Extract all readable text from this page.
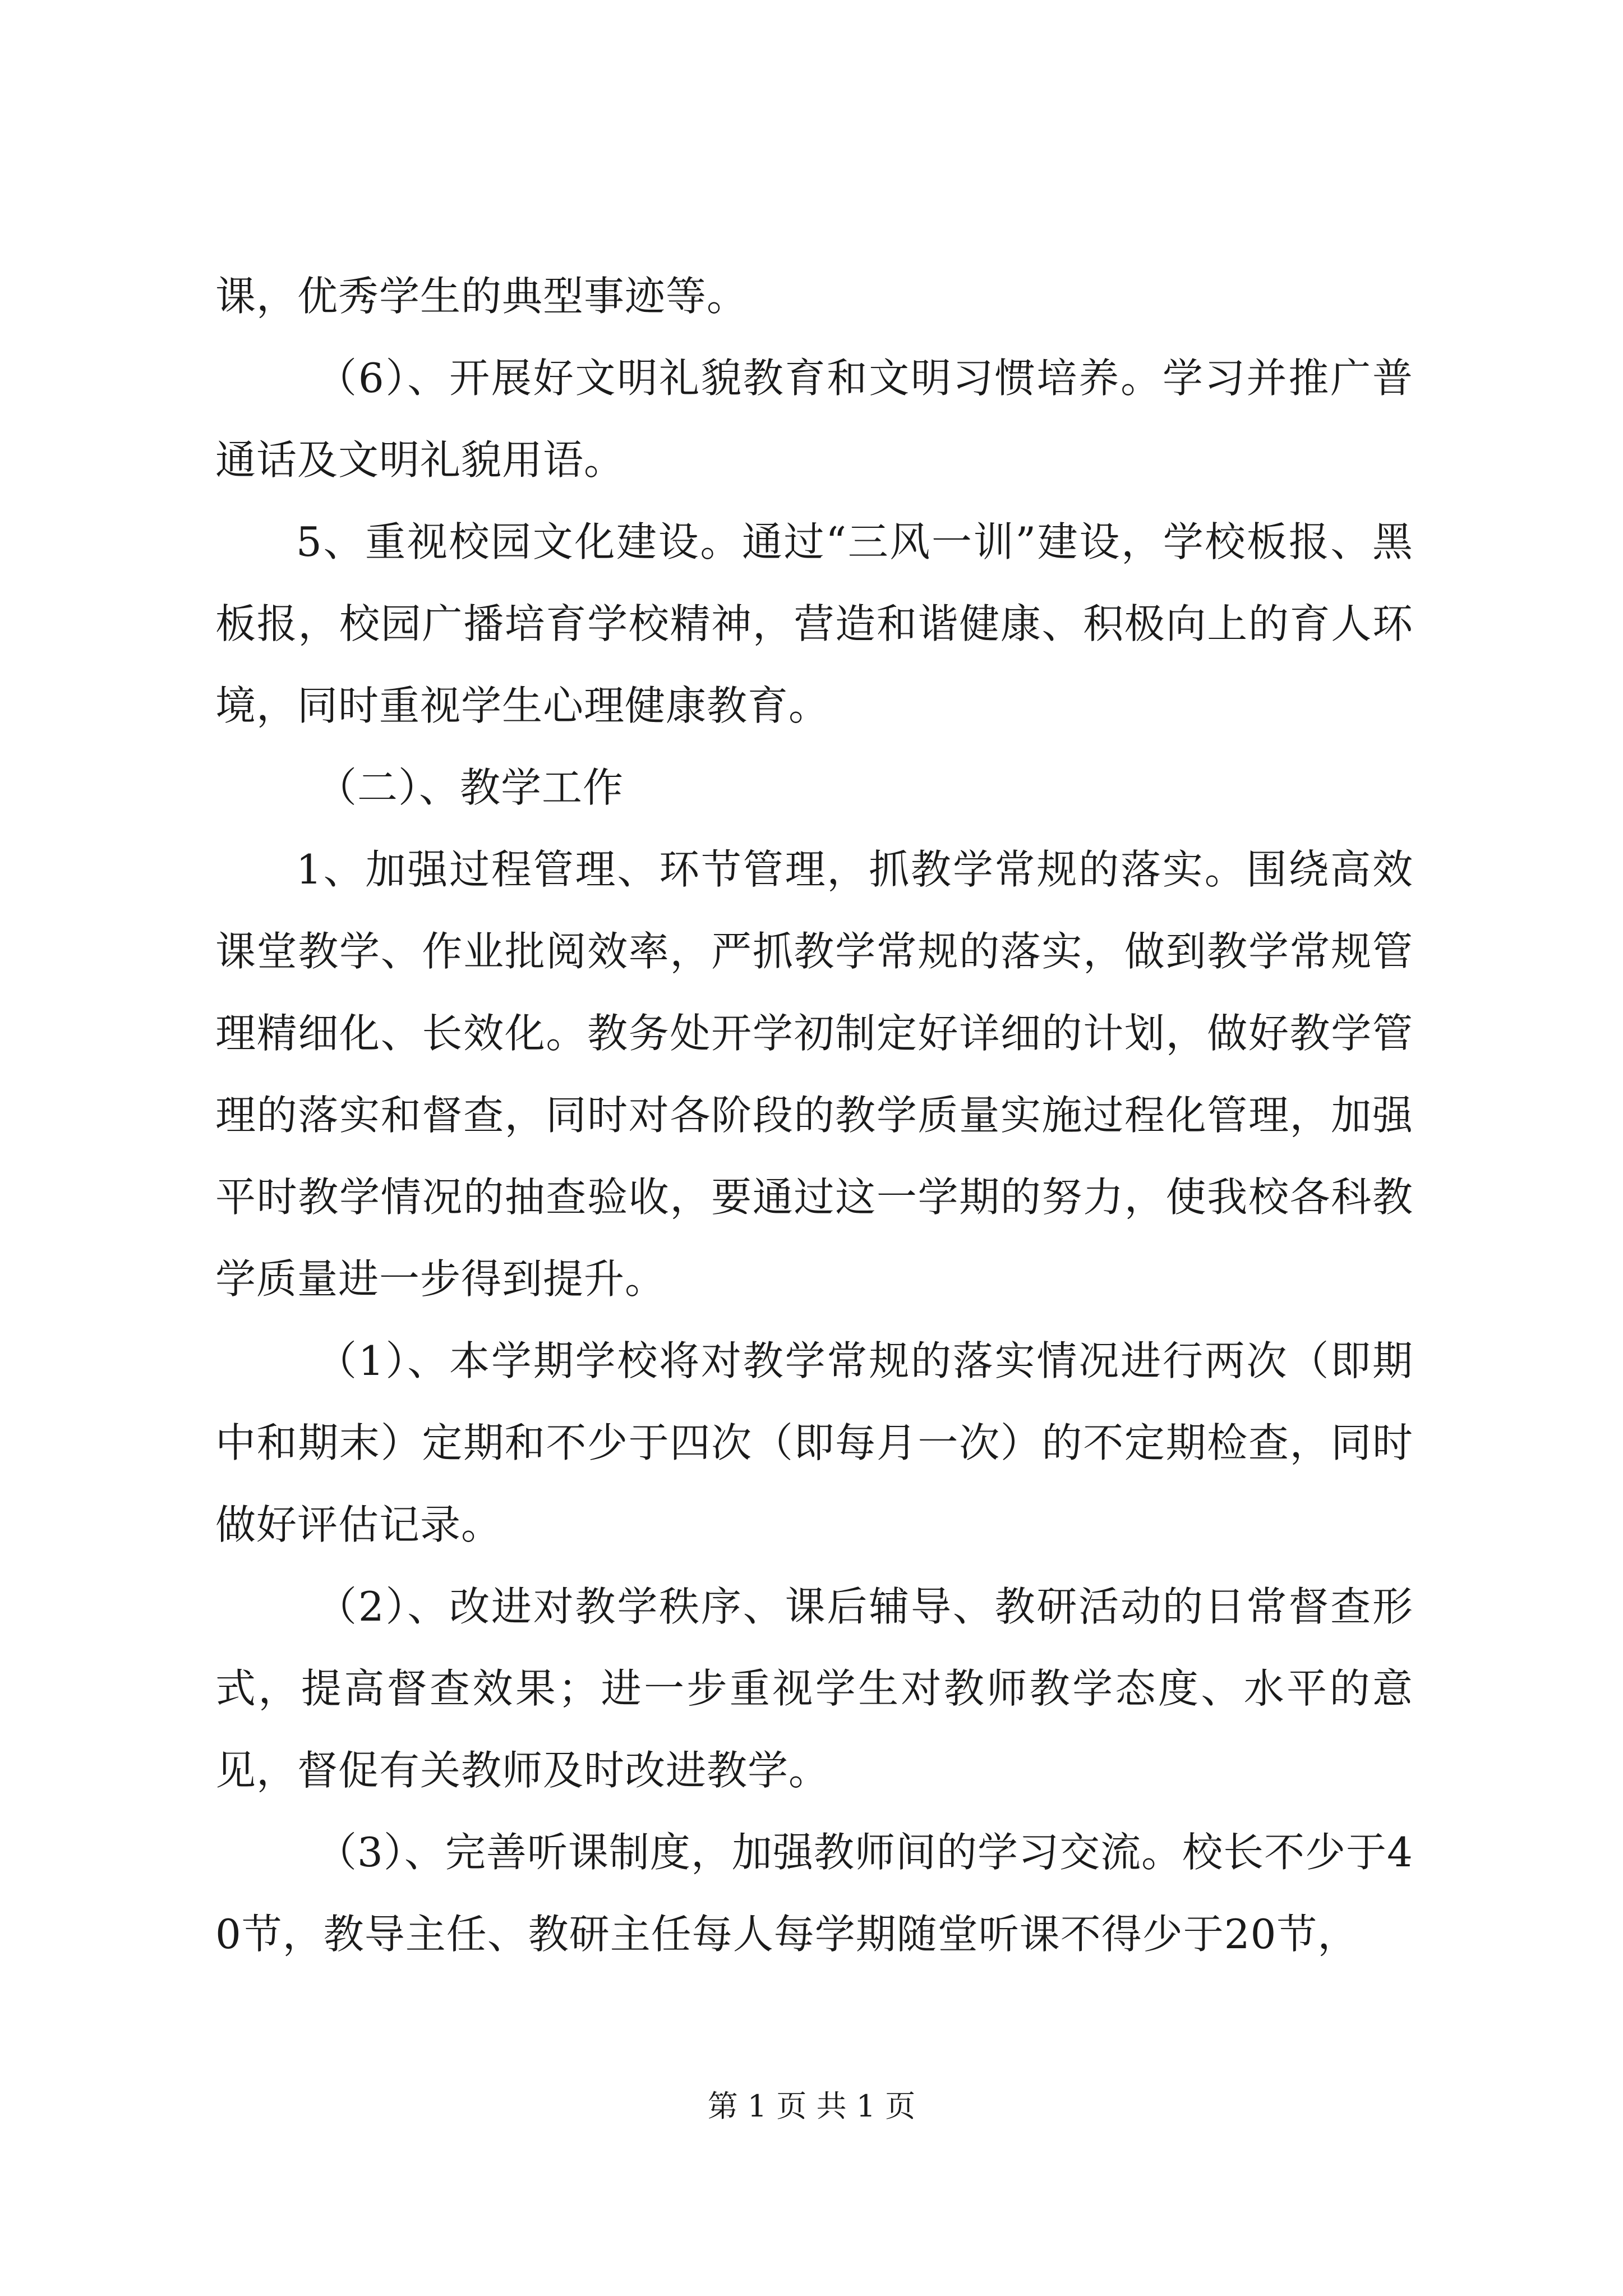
课，优秀学生的典型事迹等。

（6）、开展好文明礼貌教育和文明习惯培养。学习并推广普通话及文明礼貌用语。

5、重视校园文化建设。通过“三风一训”建设，学校板报、黑板报，校园广播培育学校精神，营造和谐健康、积极向上的育人环境，同时重视学生心理健康教育。

（二）、教学工作

1、加强过程管理、环节管理，抓教学常规的落实。围绕高效课堂教学、作业批阅效率，严抓教学常规的落实，做到教学常规管理精细化、长效化。教务处开学初制定好详细的计划，做好教学管理的落实和督查，同时对各阶段的教学质量实施过程化管理，加强平时教学情况的抽查验收，要通过这一学期的努力，使我校各科教学质量进一步得到提升。

（1）、本学期学校将对教学常规的落实情况进行两次（即期中和期末）定期和不少于四次（即每月一次）的不定期检查，同时做好评估记录。

（2）、改进对教学秩序、课后辅导、教研活动的日常督查形式，提高督查效果；进一步重视学生对教师教学态度、水平的意见，督促有关教师及时改进教学。

（3）、完善听课制度，加强教师间的学习交流。校长不少于40节，教导主任、教研主任每人每学期随堂听课不得少于20节，

第 1 页 共 1 页
